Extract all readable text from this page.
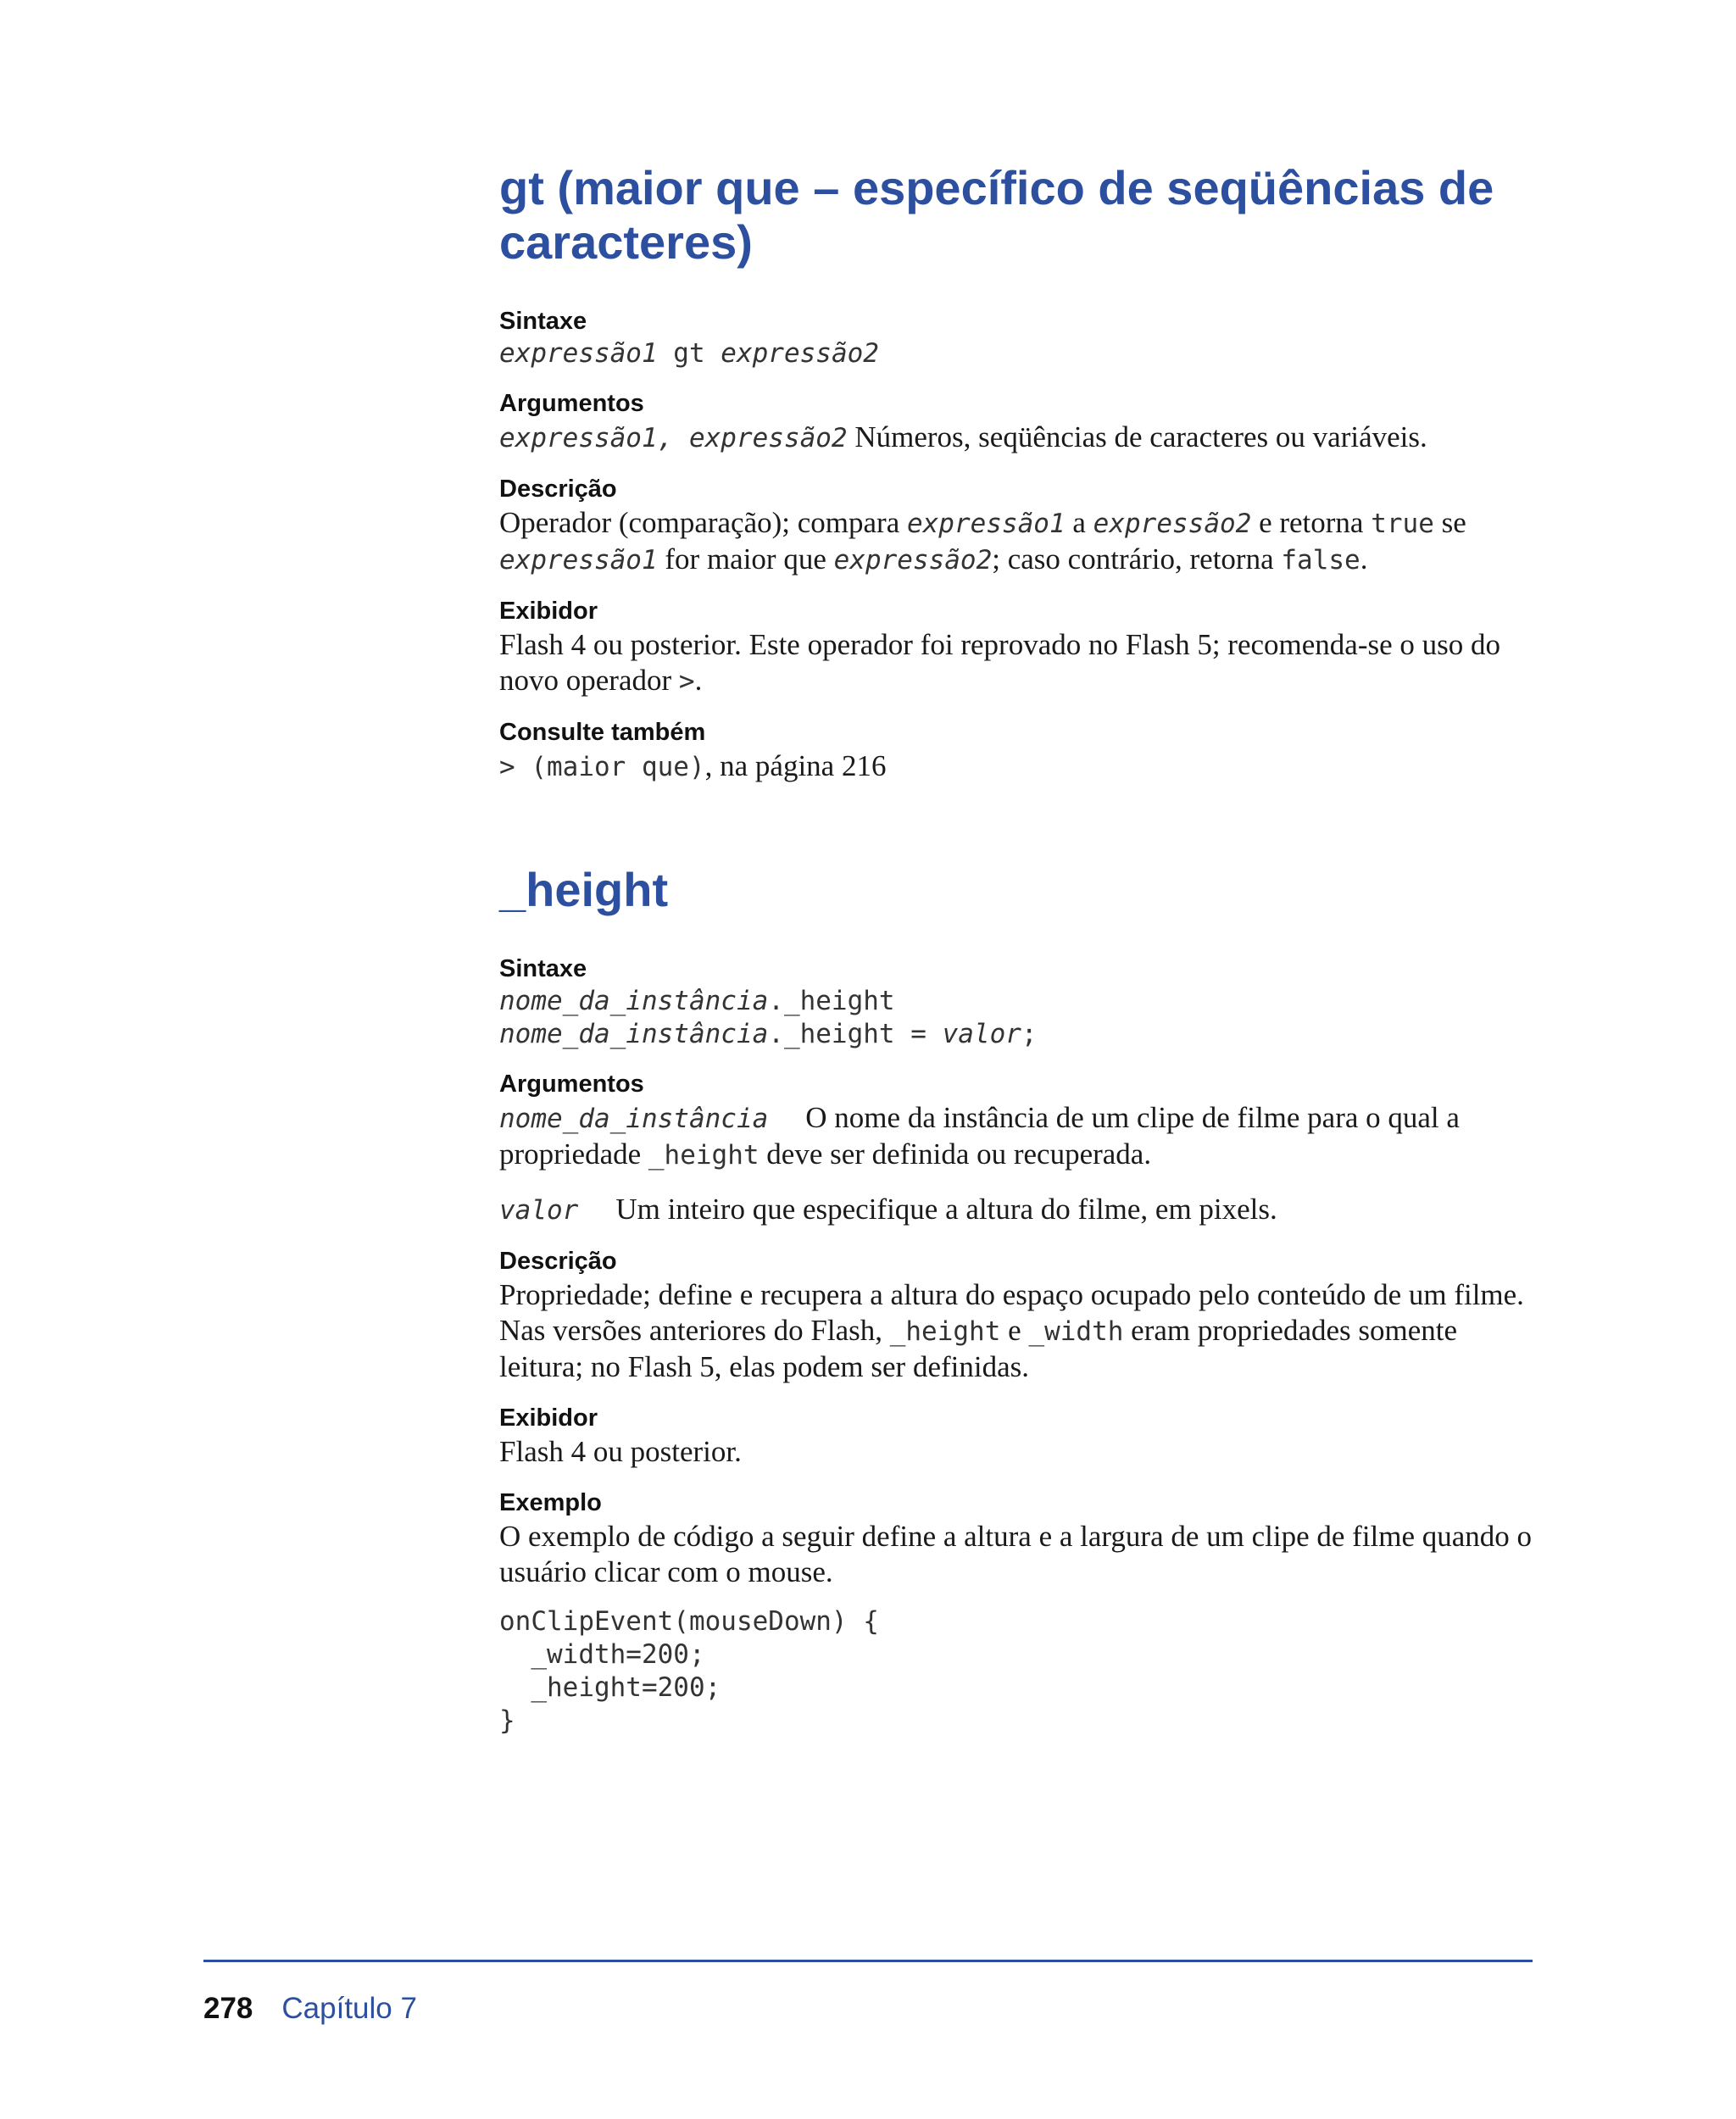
gt (maior que – específico de seqüências de caracteres)
Sintaxe
expressão1 gt expressão2
Argumentos

expressão1, expressão2 Números, seqüências de caracteres ou variáveis.

Descrição

Operador (comparação); compara expressão1 a expressão2 e retorna true se expressão1 for maior que expressão2; caso contrário, retorna false.

Exibidor

Flash 4 ou posterior. Este operador foi reprovado no Flash 5; recomenda-se o uso do novo operador >.

Consulte também

> (maior que), na página 216

_height
Sintaxe
nome_da_instância._height
nome_da_instância._height = valor;
Argumentos

nome_da_instância O nome da instância de um clipe de filme para o qual a propriedade _height deve ser definida ou recuperada.

valor Um inteiro que especifique a altura do filme, em pixels.

Descrição

Propriedade; define e recupera a altura do espaço ocupado pelo conteúdo de um filme. Nas versões anteriores do Flash, _height e _width eram propriedades somente leitura; no Flash 5, elas podem ser definidas.

Exibidor

Flash 4 ou posterior.

Exemplo

O exemplo de código a seguir define a altura e a largura de um clipe de filme quando o usuário clicar com o mouse.

onClipEvent(mouseDown) {
_width=200;
_height=200;
}
278 Capítulo 7
